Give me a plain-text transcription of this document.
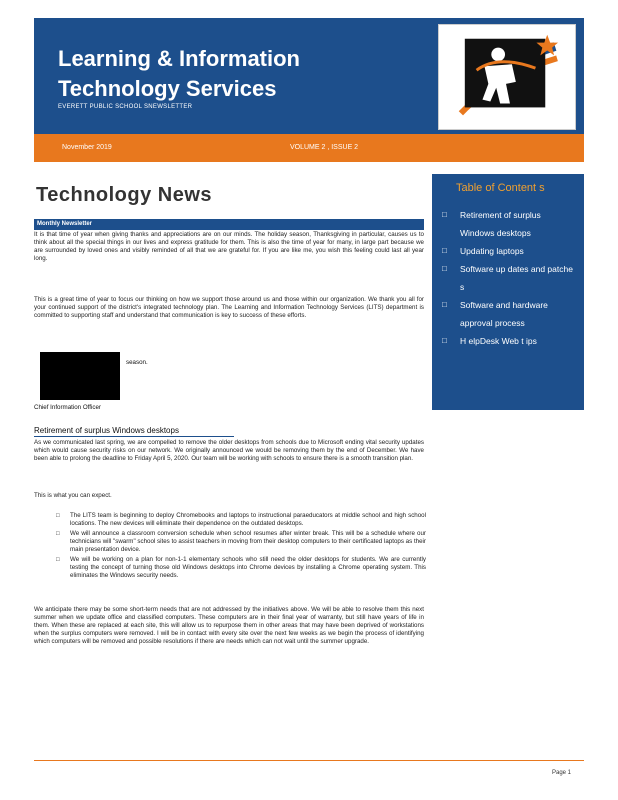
Learning & Information
Technology Services
EVERETT PUBLIC SCHOOL SNEWSLETTER
November 2019	VOLUME 2 , ISSUE 2
Technology News
Monthly Newsletter
It is that time of year when giving thanks and appreciations are on our minds. The holiday season, Thanksgiving in particular, causes us to think about all the special things in our lives and express gratitude for them. This is also the time of year for many, in large part because we are surrounded by loved ones and visibly reminded of all that we are grateful for. If you are like me, you wish this feeling could last all year long.
This is a great time of year to focus our thinking on how we support those around us and those within our organization. We thank you all for your continued support of the district's integrated technology plan. The Learning and Information Technology Services (LITS) department is committed to supporting staff and understand that communication is key to success of these efforts.
season.
Chief Information Officer
Retirement of surplus Windows desktops
As we communicated last spring, we are compelled to remove the older desktops from schools due to Microsoft ending vital security updates which would cause security risks on our network. We originally announced we would be removing them by the end of December. We have been able to prolong the deadline to Friday April 5, 2020. Our team will be working with schools to ensure there is a smooth transition plan.
This is what you can expect.
□ The LITS team is beginning to deploy Chromebooks and laptops to instructional paraeducators at middle school and high school locations. The new devices will eliminate their dependence on the outdated desktops.
□ We will announce a classroom conversion schedule when school resumes after winter break. This will be a schedule where our technicians will "swarm" school sites to assist teachers in moving from their desktop computers to their certificated laptops as their main presentation device.
□ We will be working on a plan for non-1-1 elementary schools who still need the older desktops for students. We are currently testing the concept of turning those old Windows desktops into Chrome devices by installing a Chrome operating system. This eliminates the Windows security needs.
We anticipate there may be some short-term needs that are not addressed by the initiatives above. We will be able to resolve them this next summer when we update office and classified computers. These computers are in their final year of warranty, but still have years of life in them. When these are replaced at each site, this will allow us to repurpose them in other areas that may have been deprived of workstations when the surplus computers were removed. I will be in contact with every site over the next few weeks as we begin the process of identifying which computers will be removed and possible resolutions if there are needs which can not wait until the summer upgrade.
Table of Content s
□ Retirement of surplus Windows desktops
□ Updating laptops
□ Software up dates and patche s
□ Software and hardware approval process
□ H elpDesk Web t ips
Page 1
